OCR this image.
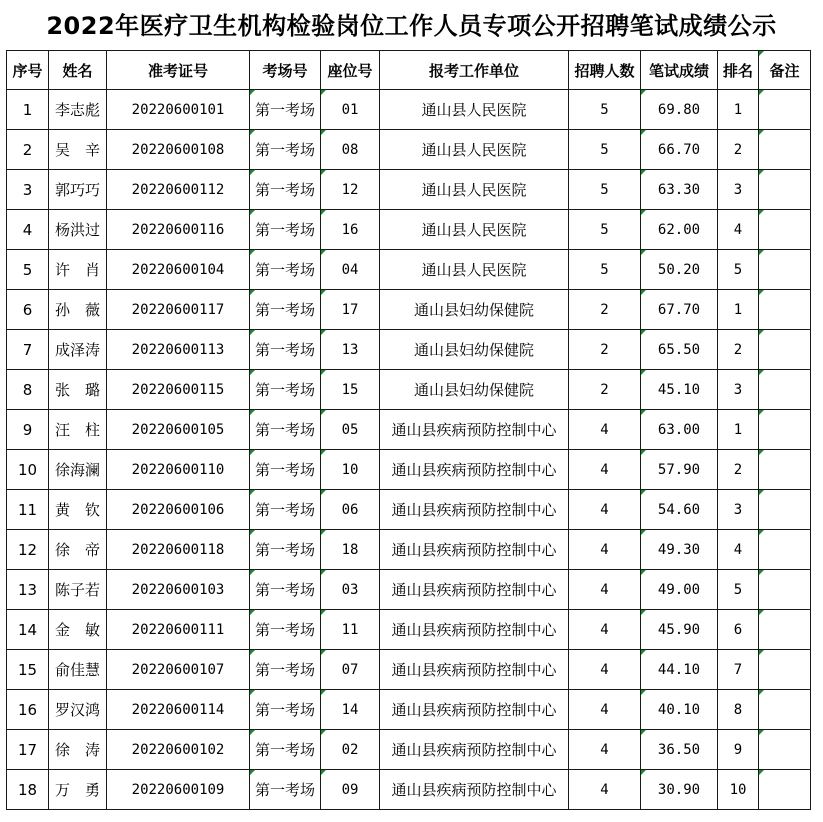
2022年医疗卫生机构检验岗位工作人员专项公开招聘笔试成绩公示
序号	姓名	准考证号	考场号	座位号	报考工作单位	招聘人数	笔试成绩	排名	备注
1	李志彪	20220600101	第一考场	01	通山县人民医院	5	69.80	1	
2	吴　辛	20220600108	第一考场	08	通山县人民医院	5	66.70	2	
3	郭巧巧	20220600112	第一考场	12	通山县人民医院	5	63.30	3	
4	杨洪过	20220600116	第一考场	16	通山县人民医院	5	62.00	4	
5	许　肖	20220600104	第一考场	04	通山县人民医院	5	50.20	5	
6	孙　薇	20220600117	第一考场	17	通山县妇幼保健院	2	67.70	1	
7	成泽涛	20220600113	第一考场	13	通山县妇幼保健院	2	65.50	2	
8	张　璐	20220600115	第一考场	15	通山县妇幼保健院	2	45.10	3	
9	汪　柱	20220600105	第一考场	05	通山县疾病预防控制中心	4	63.00	1	
10	徐海澜	20220600110	第一考场	10	通山县疾病预防控制中心	4	57.90	2	
11	黄　钦	20220600106	第一考场	06	通山县疾病预防控制中心	4	54.60	3	
12	徐　帝	20220600118	第一考场	18	通山县疾病预防控制中心	4	49.30	4	
13	陈子若	20220600103	第一考场	03	通山县疾病预防控制中心	4	49.00	5	
14	金　敏	20220600111	第一考场	11	通山县疾病预防控制中心	4	45.90	6	
15	俞佳慧	20220600107	第一考场	07	通山县疾病预防控制中心	4	44.10	7	
16	罗汉鸿	20220600114	第一考场	14	通山县疾病预防控制中心	4	40.10	8	
17	徐　涛	20220600102	第一考场	02	通山县疾病预防控制中心	4	36.50	9	
18	万　勇	20220600109	第一考场	09	通山县疾病预防控制中心	4	30.90	10	
